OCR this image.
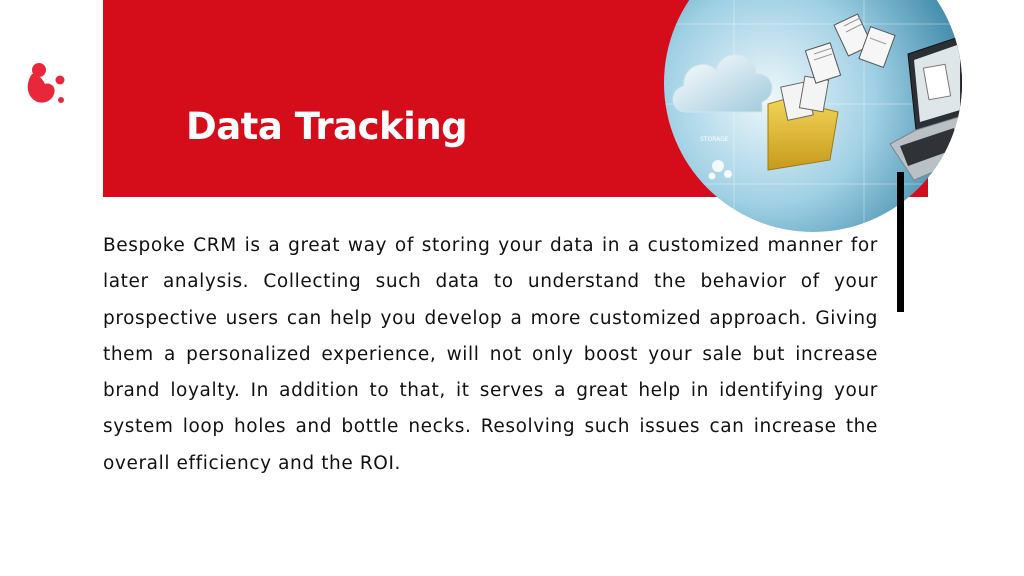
Data Tracking	STORAGE

Bespoke CRM is a great way of storing your data in a customized manner for later analysis. Collecting such data to understand the behavior of your prospective users can help you develop a more customized approach. Giving them a personalized experience, will not only boost your sale but increase brand loyalty. In addition to that, it serves a great help in identifying your system loop holes and bottle necks. Resolving such issues can increase the overall efficiency and the ROI.
